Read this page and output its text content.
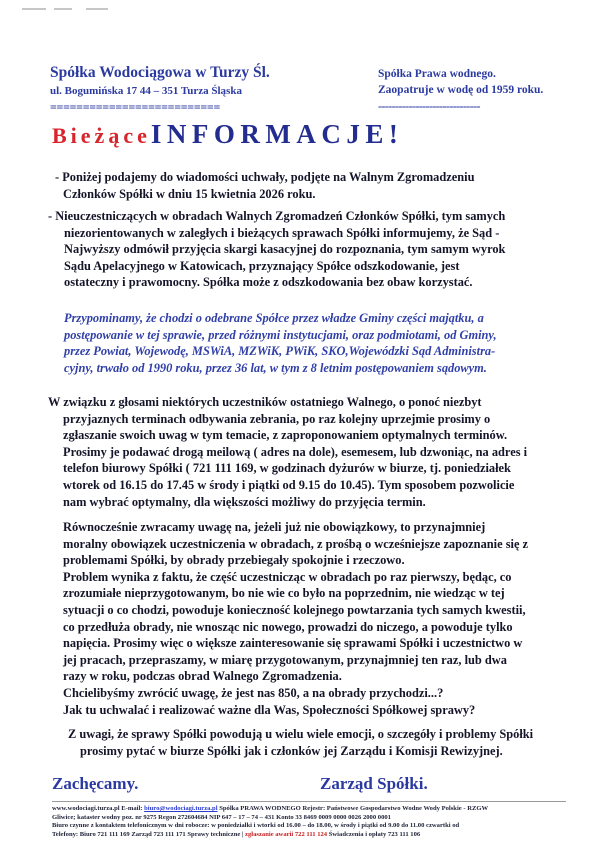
Spółka Wodociągowa w Turzy Śl.
ul. Bogumińska 17 44 – 351 Turza Śląska
==========================
Spółka Prawa wodnego.
Zaopatruje w wodę od 1959 roku.
------------------------------
BieżąceINFORMACJE!
- Poniżej podajemy do wiadomości uchwały, podjęte na Walnym Zgromadzeniu
Członków Spółki w dniu 15 kwietnia 2026 roku.
- Nieuczestniczących w obradach Walnych Zgromadzeń Członków Spółki, tym samych
niezorientowanych w zaległych i bieżących sprawach Spółki informujemy, że Sąd -
Najwyższy odmówił przyjęcia skargi kasacyjnej do rozpoznania, tym samym wyrok
Sądu Apelacyjnego w Katowicach, przyznający Spółce odszkodowanie, jest
ostateczny i prawomocny. Spółka może z odszkodowania bez obaw korzystać.
Przypominamy, że chodzi o odebrane Spółce przez władze Gminy części majątku, a
postępowanie w tej sprawie, przed różnymi instytucjami, oraz podmiotami, od Gminy,
przez Powiat, Wojewodę, MSWiA, MZWiK, PWiK, SKO,Wojewódzki Sąd Administra-
cyjny, trwało od 1990 roku, przez 36 lat, w tym z 8 letnim postępowaniem sądowym.
W związku z głosami niektórych uczestników ostatniego Walnego, o ponoć niezbyt
przyjaznych terminach odbywania zebrania, po raz kolejny uprzejmie prosimy o
zgłaszanie swoich uwag w tym temacie, z zaproponowaniem optymalnych terminów.
Prosimy je podawać drogą meilową ( adres na dole), esemesem, lub dzwoniąc, na adres i
telefon biurowy Spółki ( 721 111 169, w godzinach dyżurów w biurze, tj. poniedziałek
wtorek od 16.15 do 17.45 w środy i piątki od 9.15 do 10.45). Tym sposobem pozwolicie
nam wybrać optymalny, dla większości możliwy do przyjęcia termin.
Równocześnie zwracamy uwagę na, jeżeli już nie obowiązkowy, to przynajmniej
moralny obowiązek uczestniczenia w obradach, z prośbą o wcześniejsze zapoznanie się z
problemami Spółki, by obrady przebiegały spokojnie i rzeczowo.
Problem wynika z faktu, że część uczestnicząc w obradach po raz pierwszy, będąc, co
zrozumiałe nieprzygotowanym, bo nie wie co było na poprzednim, nie wiedząc w tej
sytuacji o co chodzi, powoduje konieczność kolejnego powtarzania tych samych kwestii,
co przedłuża obrady, nie wnosząc nic nowego, prowadzi do niczego, a powoduje tylko
napięcia. Prosimy więc o większe zainteresowanie się sprawami Spółki i uczestnictwo w
jej pracach, przepraszamy, w miarę przygotowanym, przynajmniej ten raz, lub dwa
razy w roku, podczas obrad Walnego Zgromadzenia.
Chcielibyśmy zwrócić uwagę, że jest nas 850, a na obrady przychodzi...?
Jak tu uchwalać i realizować ważne dla Was, Społeczności Spółkowej sprawy?
Z uwagi, że sprawy Spółki powodują u wielu wiele emocji, o szczegóły i problemy Spółki
prosimy pytać w biurze Spółki jak i członków jej Zarządu i Komisji Rewizyjnej.
Zachęcamy.	Zarząd Spółki.
www.wodociagi.turza.pl E-mail: biuro@wodociagi.turza.pl Spółka PRAWA WODNEGO Rejestr: Państwowe Gospodarstwo Wodne Wody Polskie - RZGW
Gliwice; kataster wodny poz. nr 9275 Regon 272604684 NIP 647 – 17 – 74 – 431 Konto 33 8469 0009 0000 0026 2000 0001
Biuro czynne z kontaktem telefonicznym w dni robocze: w poniedziałki i wtorki od 16.00 – do 18.00, w środy i piątki od 9.00 do 11.00 czwartki od
Telefony: Biuro 721 111 169 Zarząd 723 111 171 Sprawy techniczne | zgłaszanie awarii 722 111 124 Świadczenia i opłaty 723 111 106
